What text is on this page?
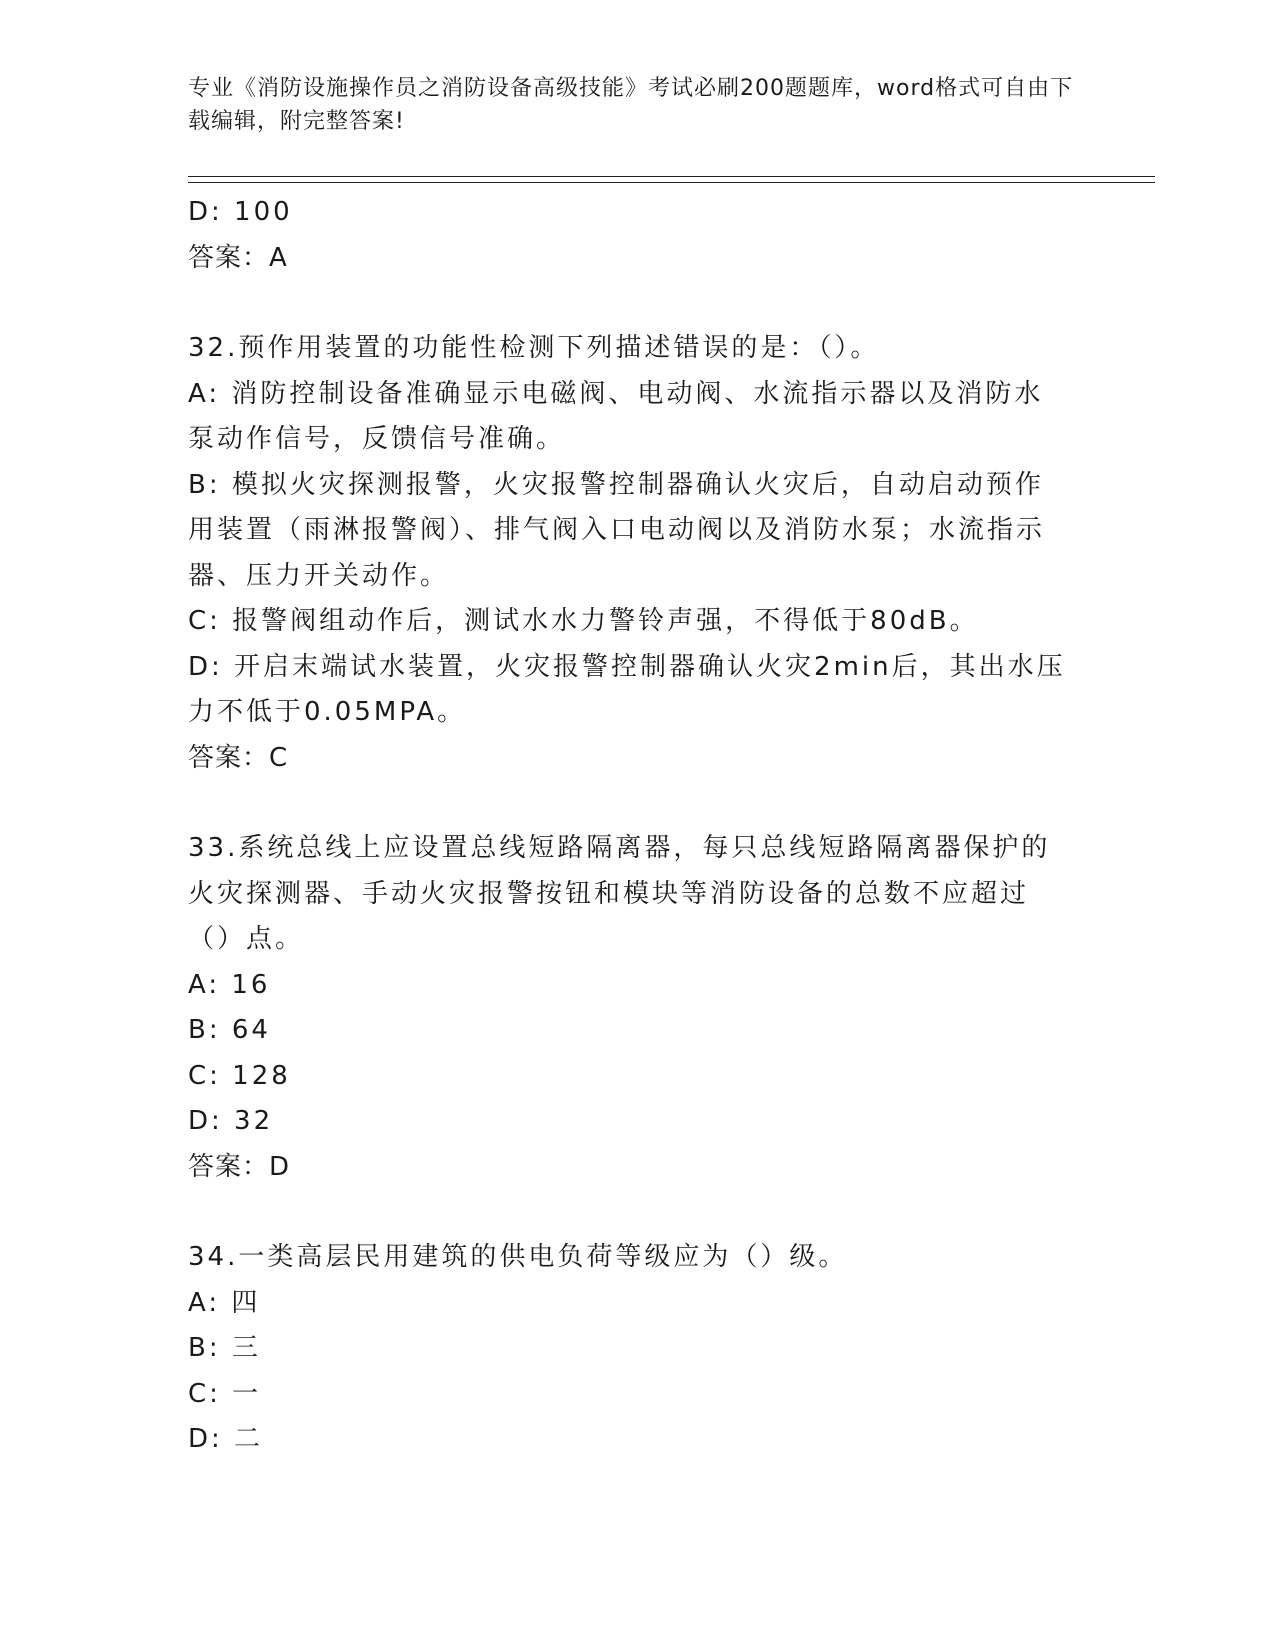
专业《消防设施操作员之消防设备高级技能》考试必刷200题题库，word格式可自由下载编辑，附完整答案!
D: 100
答案：A
32.预作用装置的功能性检测下列描述错误的是：（）。
A: 消防控制设备准确显示电磁阀、电动阀、水流指示器以及消防水泵动作信号，反馈信号准确。
B: 模拟火灾探测报警，火灾报警控制器确认火灾后，自动启动预作用装置（雨淋报警阀）、排气阀入口电动阀以及消防水泵；水流指示器、压力开关动作。
C: 报警阀组动作后，测试水水力警铃声强，不得低于80dB。
D: 开启末端试水装置，火灾报警控制器确认火灾2min后，其出水压力不低于0.05MPA。
答案：C
33.系统总线上应设置总线短路隔离器，每只总线短路隔离器保护的火灾探测器、手动火灾报警按钮和模块等消防设备的总数不应超过（）点。
A: 16
B: 64
C: 128
D: 32
答案：D
34.一类高层民用建筑的供电负荷等级应为（）级。
A: 四
B: 三
C: 一
D: 二
